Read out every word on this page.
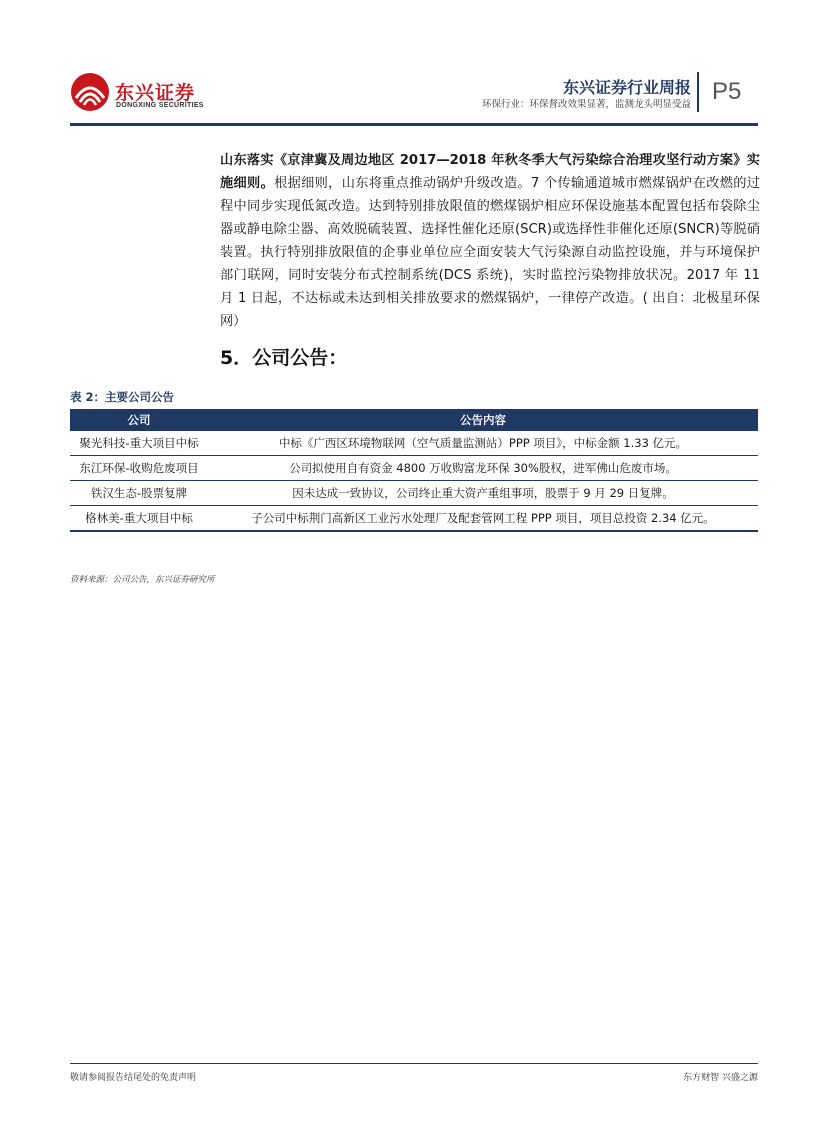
东兴证券
DONGXING SECURITIES
东兴证券行业周报
环保行业：环保督改效果显著，监测龙头明显受益 P5
山东落实《京津冀及周边地区 2017—2018 年秋冬季大气污染综合治理攻坚行动方案》实施细则。根据细则，山东将重点推动锅炉升级改造。7 个传输通道城市燃煤锅炉在改燃的过程中同步实现低氮改造。达到特别排放限值的燃煤锅炉相应环保设施基本配置包括布袋除尘器或静电除尘器、高效脱硫装置、选择性催化还原(SCR)或选择性非催化还原(SNCR)等脱硝装置。执行特别排放限值的企事业单位应全面安装大气污染源自动监控设施，并与环境保护部门联网，同时安装分布式控制系统(DCS 系统)，实时监控污染物排放状况。2017 年 11 月 1 日起，不达标或未达到相关排放要求的燃煤锅炉，一律停产改造。( 出自：北极星环保网）
5．公司公告：
表 2：主要公司公告
公司	公告内容
聚光科技-重大项目中标	中标《广西区环境物联网（空气质量监测站）PPP 项目》，中标金额 1.33 亿元。
东江环保-收购危废项目	公司拟使用自有资金 4800 万收购富龙环保 30%股权，进军佛山危废市场。
铁汉生态-股票复牌	因未达成一致协议，公司终止重大资产重组事项，股票于 9 月 29 日复牌。
格林美-重大项目中标	子公司中标荆门高新区工业污水处理厂及配套管网工程 PPP 项目，项目总投资 2.34 亿元。
资料来源：公司公告，东兴证券研究所
敬请参阅报告结尾处的免责声明	东方财智 兴盛之源
